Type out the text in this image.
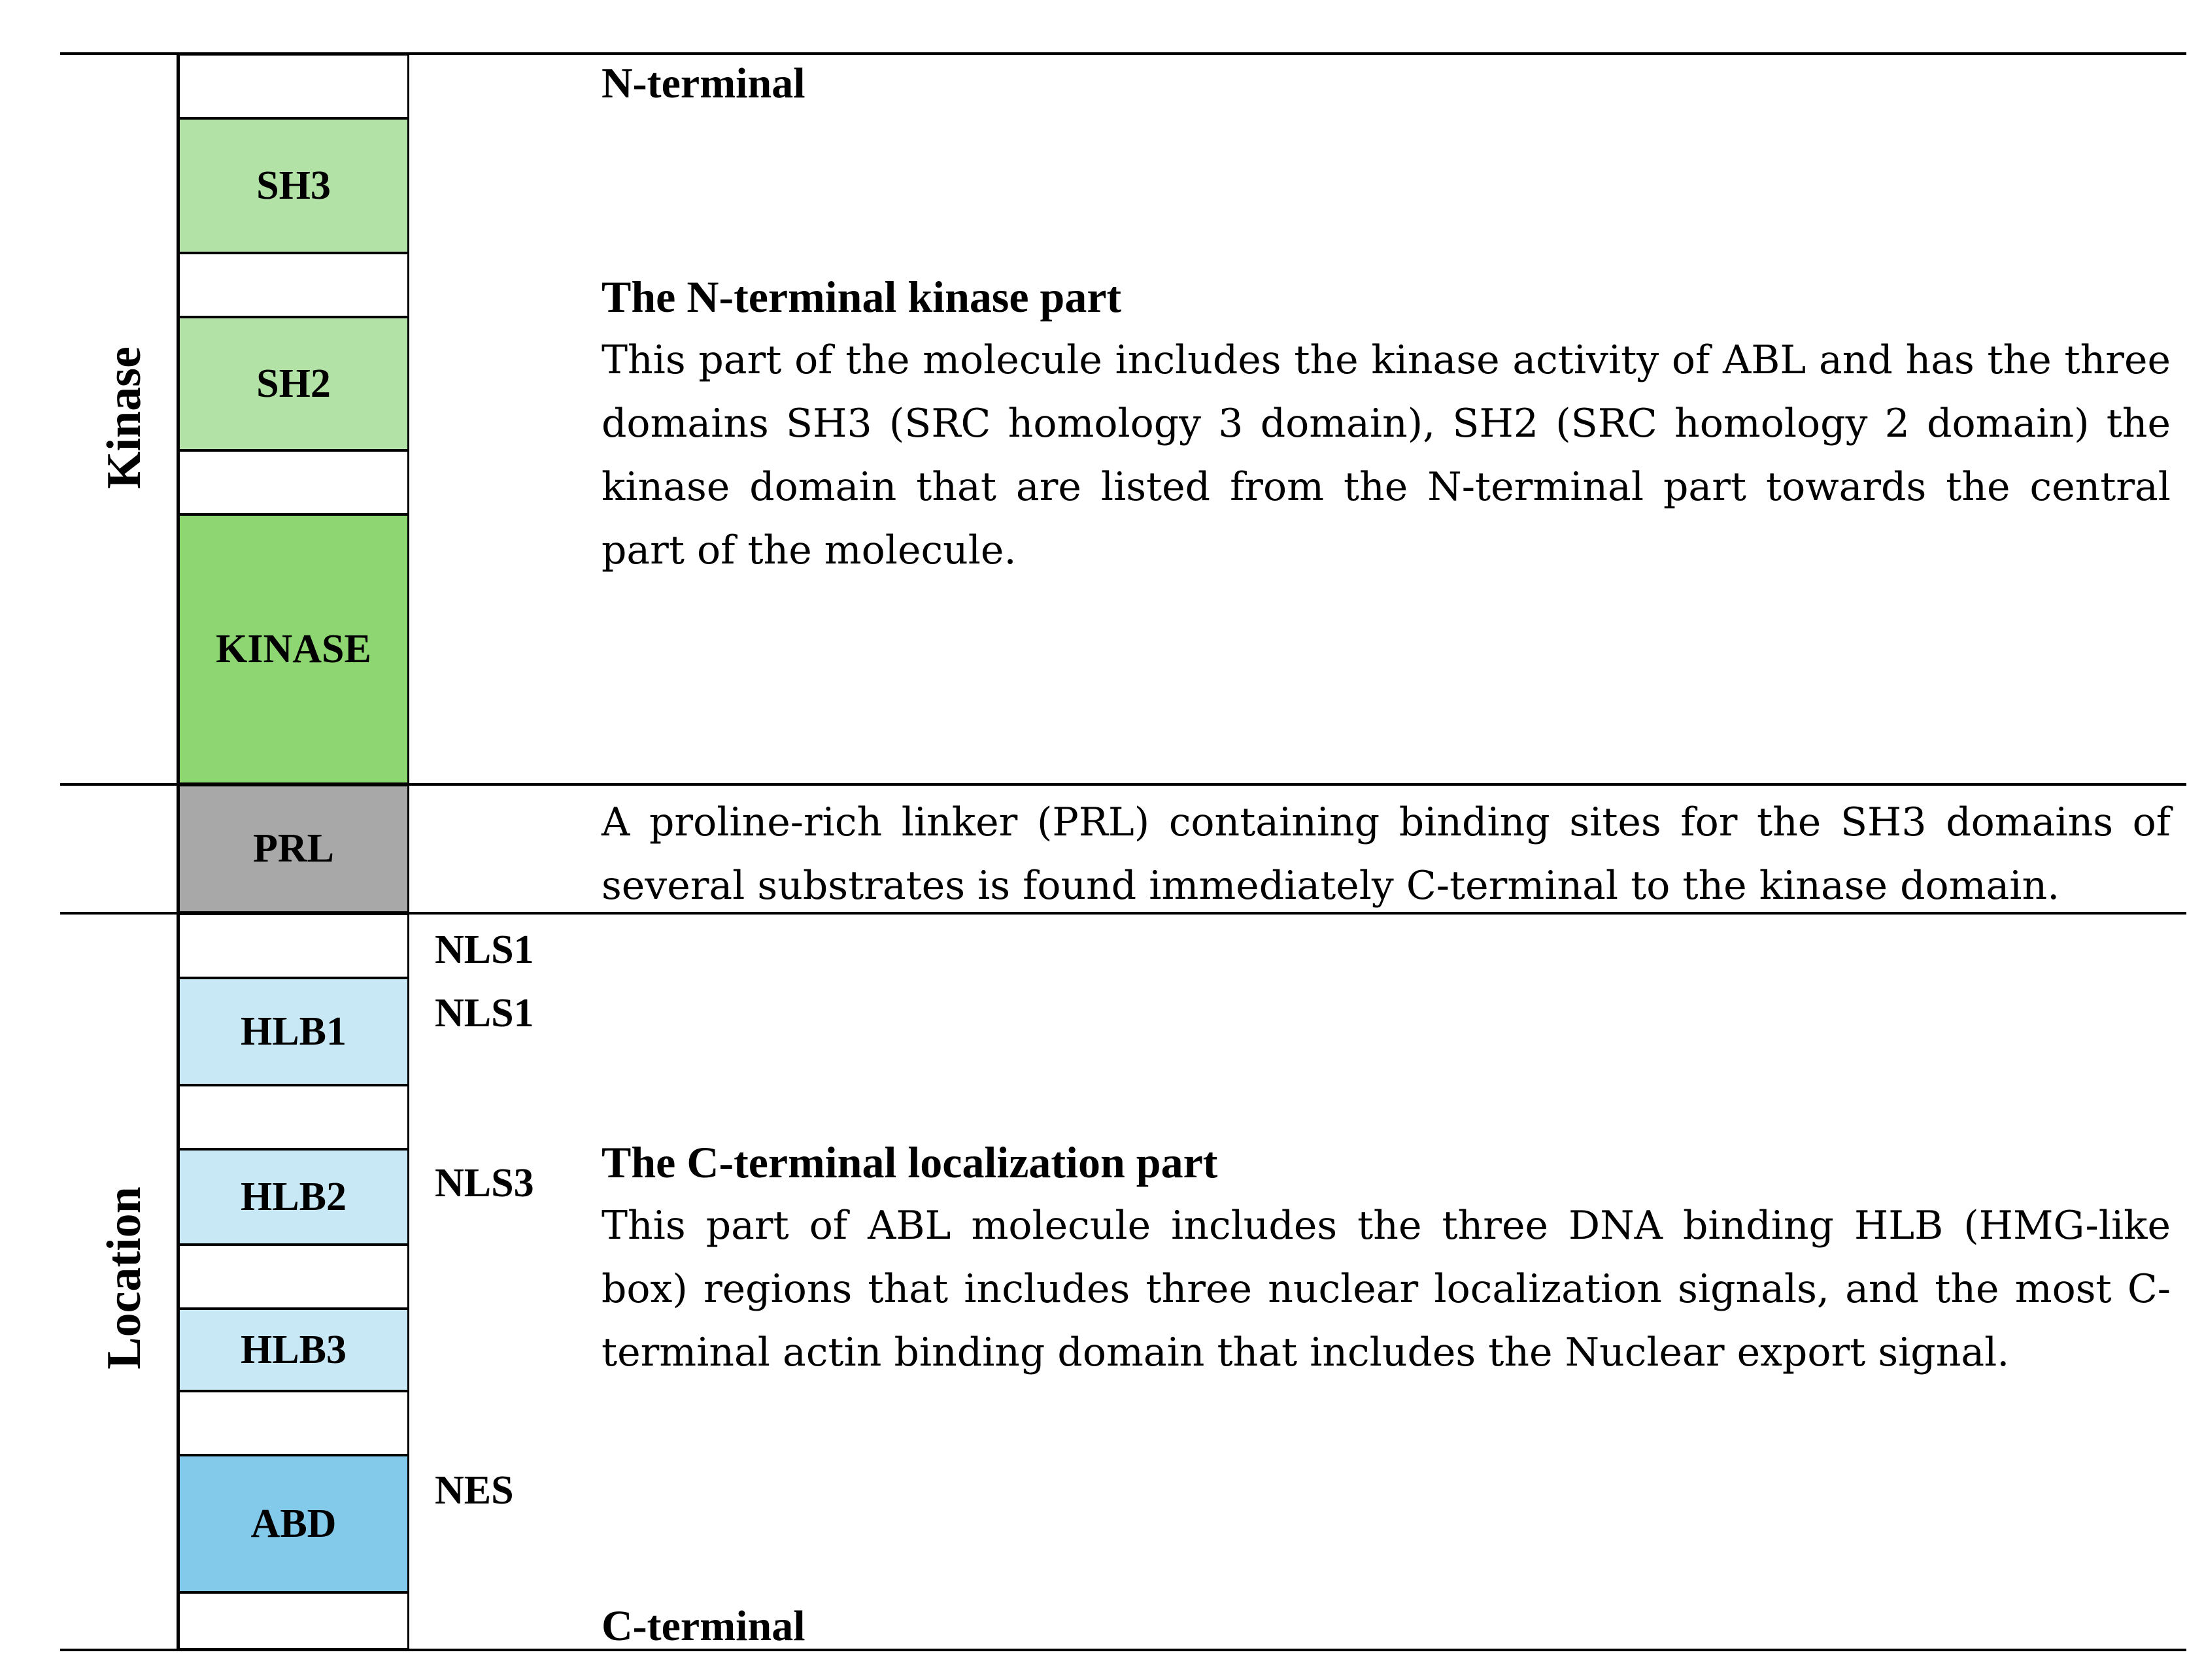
Kinase
Location
SH3
SH2
KINASE
PRL
HLB1
HLB2
HLB3
ABD
NLS1
NLS1
NLS3
NES
N-terminal
C-terminal
The N-terminal kinase part
This part of the molecule includes the kinase activity of ABL and has the three domains SH3 (SRC homology 3 domain), SH2 (SRC homology 2 domain) the kinase domain that are listed from the N-terminal part towards the central part of the molecule.
A proline-rich linker (PRL) containing binding sites for the SH3 domains of several substrates is found immediately C-terminal to the kinase domain.
The C-terminal localization part
This part of ABL molecule includes the three DNA binding HLB (HMG-like box) regions that includes three nuclear localization signals, and the most C-terminal actin binding domain that includes the Nuclear export signal.
